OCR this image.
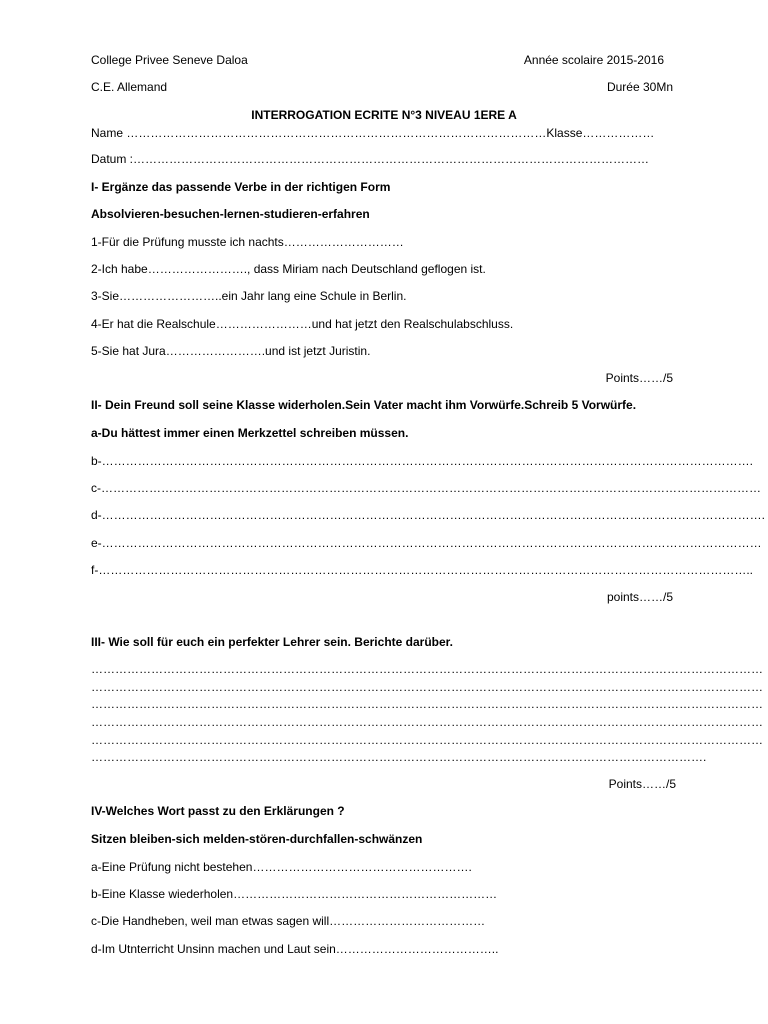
College Privee Seneve Daloa	Année scolaire 2015-2016
C.E. Allemand	Durée 30Mn
INTERROGATION ECRITE N°3 NIVEAU 1ERE A
Name ……………………………………………………………………………………………Klasse………………
Datum :…………………………………………………………………………………………………………………
I- Ergänze das passende Verbe in der richtigen Form
Absolvieren-besuchen-lernen-studieren-erfahren
1-Für die Prüfung musste ich nachts…………………………
2-Ich habe……………………., dass Miriam nach Deutschland geflogen ist.
3-Sie……………………..ein Jahr lang eine Schule in Berlin.
4-Er hat die Realschule……………………und hat jetzt den Realschulabschluss.
5-Sie hat Jura…………………….und ist jetzt Juristin.
Points……/5
II- Dein Freund soll seine Klasse widerholen.Sein Vater macht ihm Vorwürfe.Schreib 5 Vorwürfe.
a-Du hättest immer einen Merkzettel schreiben müssen.
b-……………………………………………………………………………………………………………………………………………….
c-…………………………………………………………………………………………………………………………………………………
d-………………………………………………………………………………………………………………………………………………….
e-…………………………………………………………………………………………………………………………………………………
f-………………………………………………………………………………………………………………………………………………..
points……/5
III- Wie soll für euch ein perfekter Lehrer sein. Berichte darüber.
……………………………………………………………………………………………………………………………………………………
……………………………………………………………………………………………………………………………………………………
……………………………………………………………………………………………………………………………………………………
……………………………………………………………………………………………………………………………………………………
……………………………………………………………………………………………………………………………………………………
……………………………………………………………………………………………………………………………………….
Points……/5
IV-Welches Wort passt zu den Erklärungen ?
Sitzen bleiben-sich melden-stören-durchfallen-schwänzen
a-Eine Prüfung nicht bestehen……………………………………………….
b-Eine Klasse wiederholen…………………………………………………………
c-Die Handheben, weil man etwas sagen will…………………………………
d-Im Utnterricht Unsinn machen und Laut sein…………………………………..
